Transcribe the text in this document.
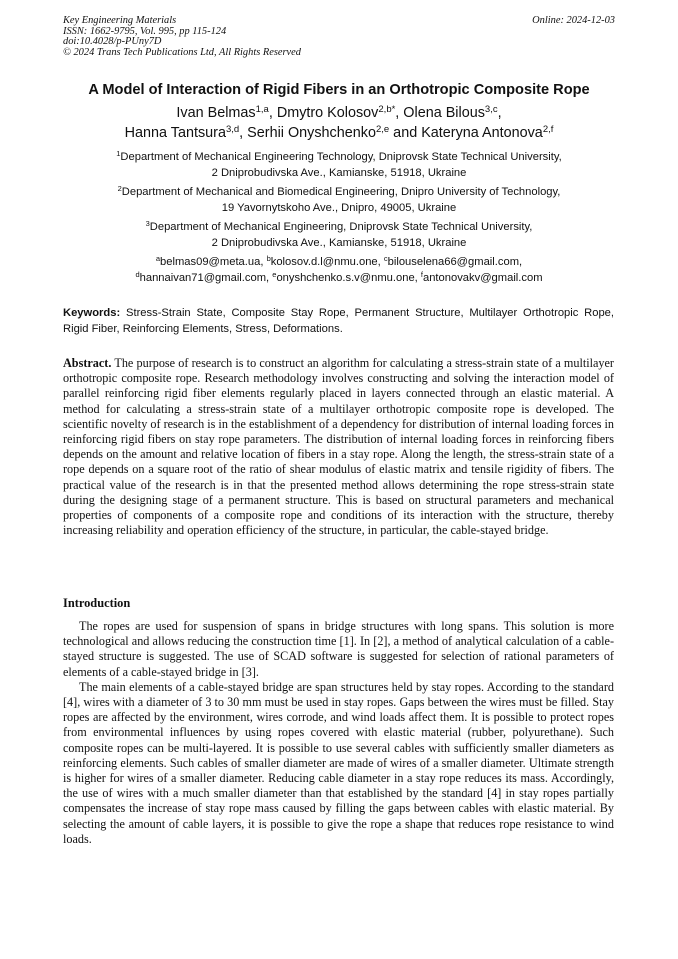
Key Engineering Materials
ISSN: 1662-9795, Vol. 995, pp 115-124
doi:10.4028/p-PUny7D
© 2024 Trans Tech Publications Ltd, All Rights Reserved
Online: 2024-12-03
A Model of Interaction of Rigid Fibers in an Orthotropic Composite Rope
Ivan Belmas$^{1,a}$, Dmytro Kolosov$^{2,b*}$, Olena Bilous$^{3,c}$,
Hanna Tantsura$^{3,d}$, Serhii Onyshchenko$^{2,e}$ and Kateryna Antonova$^{2,f}$
$^1$Department of Mechanical Engineering Technology, Dniprovsk State Technical University,
2 Dniprobudivska Ave., Kamianske, 51918, Ukraine
$^2$Department of Mechanical and Biomedical Engineering, Dnipro University of Technology,
19 Yavornytskoho Ave., Dnipro, 49005, Ukraine
$^3$Department of Mechanical Engineering, Dniprovsk State Technical University,
2 Dniprobudivska Ave., Kamianske, 51918, Ukraine
$^a$belmas09@meta.ua, $^b$kolosov.d.l@nmu.one, $^c$bilouselena66@gmail.com,
$^d$hannaivan71@gmail.com, $^e$onyshchenko.s.v@nmu.one, $^f$antonovakv@gmail.com
Keywords: Stress-Strain State, Composite Stay Rope, Permanent Structure, Multilayer Orthotropic Rope, Rigid Fiber, Reinforcing Elements, Stress, Deformations.
Abstract. The purpose of research is to construct an algorithm for calculating a stress-strain state of a multilayer orthotropic composite rope. Research methodology involves constructing and solving the interaction model of parallel reinforcing rigid fiber elements regularly placed in layers connected through an elastic material. A method for calculating a stress-strain state of a multilayer orthotropic composite rope is developed. The scientific novelty of research is in the establishment of a dependency for distribution of internal loading forces in reinforcing rigid fibers on stay rope parameters. The distribution of internal loading forces in reinforcing fibers depends on the amount and relative location of fibers in a stay rope. Along the length, the stress-strain state of a rope depends on a square root of the ratio of shear modulus of elastic matrix and tensile rigidity of fibers. The practical value of the research is in that the presented method allows determining the rope stress-strain state during the designing stage of a permanent structure. This is based on structural parameters and mechanical properties of components of a composite rope and conditions of its interaction with the structure, thereby increasing reliability and operation efficiency of the structure, in particular, the cable-stayed bridge.
Introduction

The ropes are used for suspension of spans in bridge structures with long spans. This solution is more technological and allows reducing the construction time [1]. In [2], a method of analytical calculation of a cable-stayed structure is suggested. The use of SCAD software is suggested for selection of rational parameters of elements of a cable-stayed bridge in [3].

The main elements of a cable-stayed bridge are span structures held by stay ropes. According to the standard [4], wires with a diameter of 3 to 30 mm must be used in stay ropes. Gaps between the wires must be filled. Stay ropes are affected by the environment, wires corrode, and wind loads affect them. It is possible to protect ropes from environmental influences by using ropes covered with elastic material (rubber, polyurethane). Such composite ropes can be multi-layered. It is possible to use several cables with sufficiently smaller diameters as reinforcing elements. Such cables of smaller diameter are made of wires of a smaller diameter. Ultimate strength is higher for wires of a smaller diameter. Reducing cable diameter in a stay rope reduces its mass. Accordingly, the use of wires with a much smaller diameter than that established by the standard [4] in stay ropes partially compensates the increase of stay rope mass caused by filling the gaps between cables with elastic material. By selecting the amount of cable layers, it is possible to give the rope a shape that reduces rope resistance to wind loads.
